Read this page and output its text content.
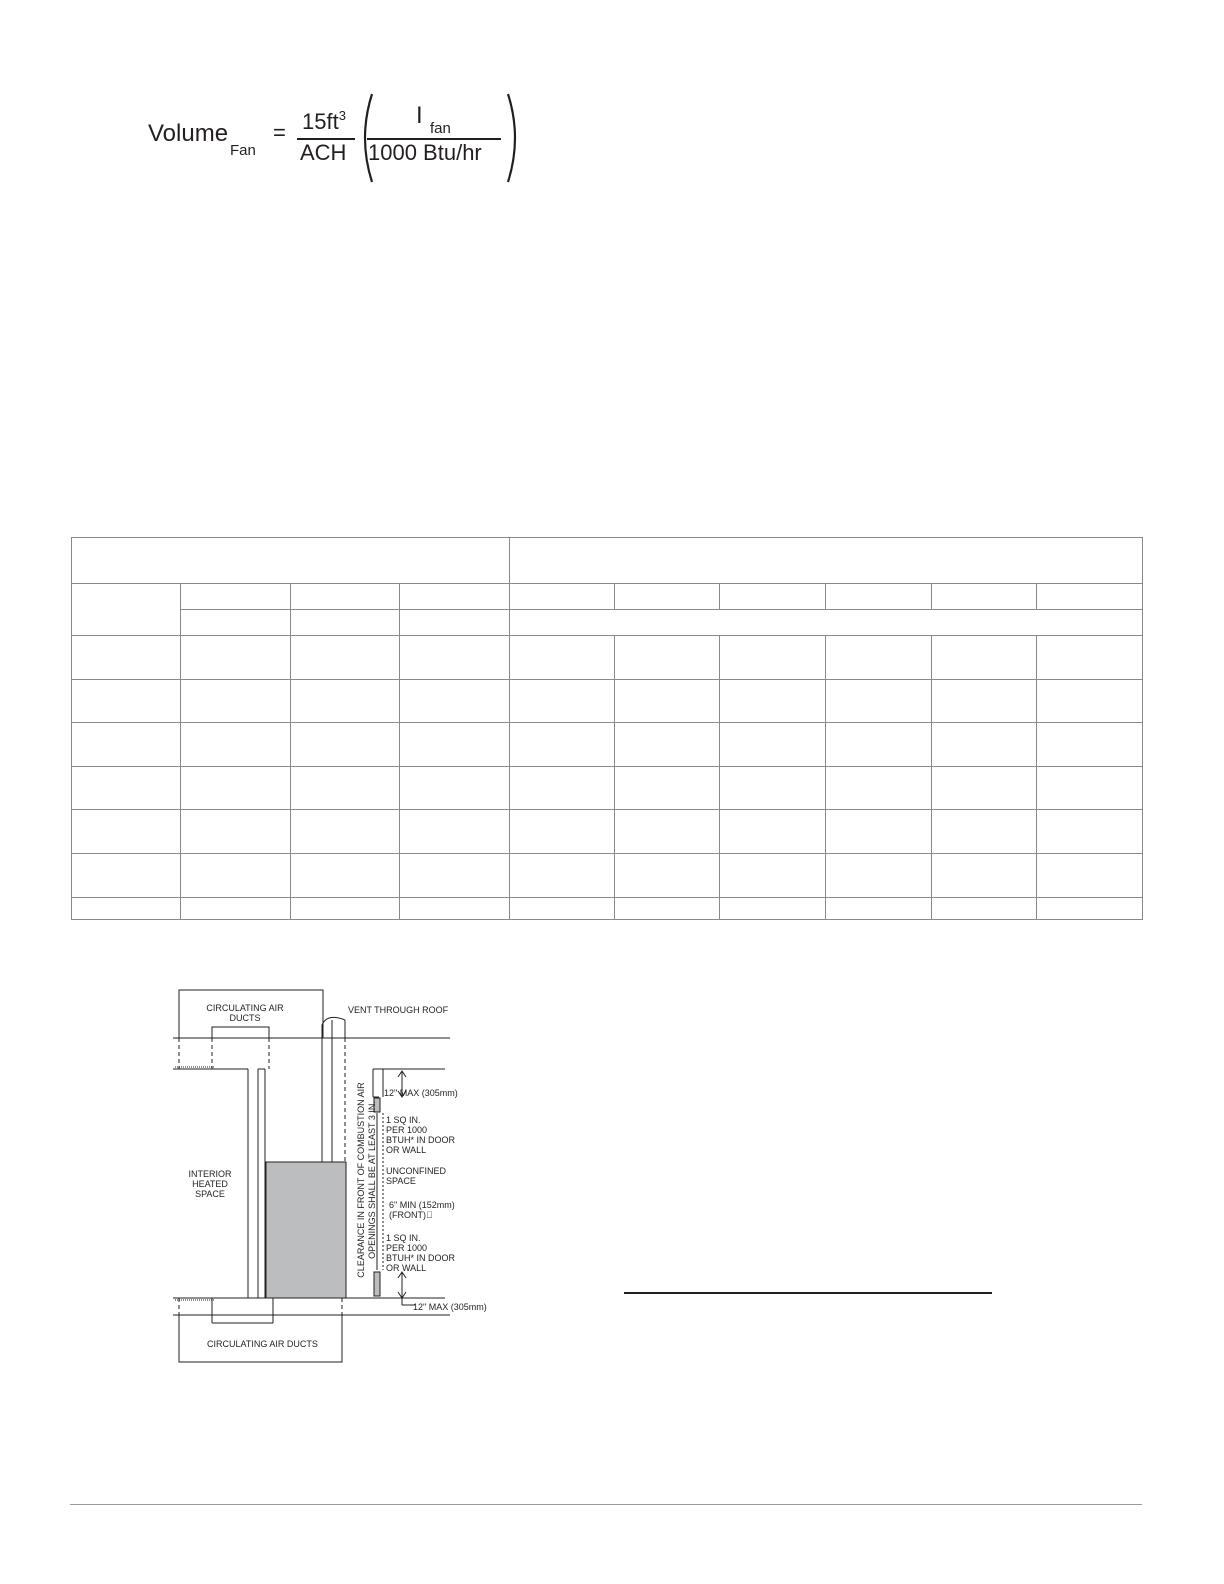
Volume
Fan
= $15ft^3$
ACH
I fan
1000 Btu/hr
CIRCULATING AIR
DUCTS
VENT THROUGH ROOF
INTERIOR
HEATED
SPACE
12" MAX (305mm)
1 SQ IN.
PER 1000
BTUH* IN DOOR
OR WALL
UNCONFINED
SPACE
6" MIN (152mm)
(FRONT) 
1 SQ IN.
PER 1000
BTUH* IN DOOR
OR WALL
12" MAX (305mm)
CIRCULATING AIR DUCTS
CLEARANCE IN FRONT OF COMBUSTION AIR
OPENINGS SHALL BE AT LEAST 3 IN.
